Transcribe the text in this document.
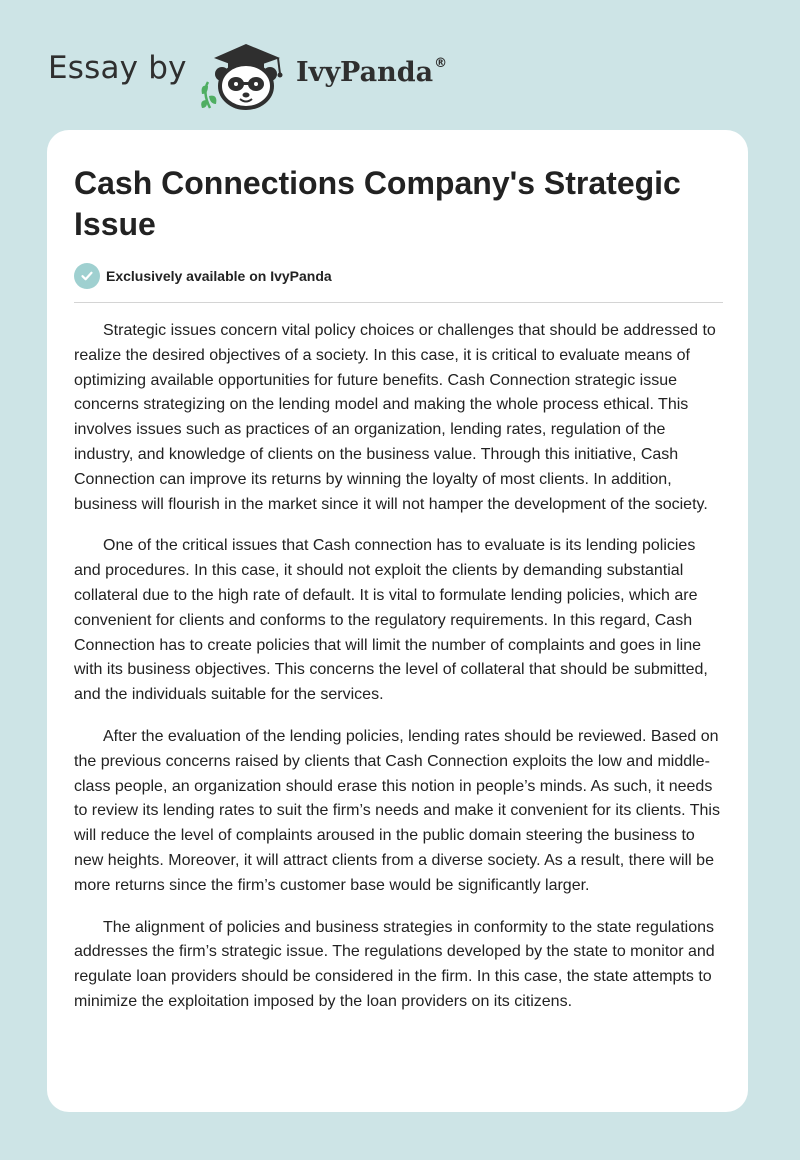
Essay by	IvyPanda®
Cash Connections Company's Strategic Issue
Exclusively available on IvyPanda

Strategic issues concern vital policy choices or challenges that should be addressed to realize the desired objectives of a society. In this case, it is critical to evaluate means of optimizing available opportunities for future benefits. Cash Connection strategic issue concerns strategizing on the lending model and making the whole process ethical. This involves issues such as practices of an organization, lending rates, regulation of the industry, and knowledge of clients on the business value. Through this initiative, Cash Connection can improve its returns by winning the loyalty of most clients. In addition, business will flourish in the market since it will not hamper the development of the society.

One of the critical issues that Cash connection has to evaluate is its lending policies and procedures. In this case, it should not exploit the clients by demanding substantial collateral due to the high rate of default. It is vital to formulate lending policies, which are convenient for clients and conforms to the regulatory requirements. In this regard, Cash Connection has to create policies that will limit the number of complaints and goes in line with its business objectives. This concerns the level of collateral that should be submitted, and the individuals suitable for the services.

After the evaluation of the lending policies, lending rates should be reviewed. Based on the previous concerns raised by clients that Cash Connection exploits the low and middle-class people, an organization should erase this notion in people’s minds. As such, it needs to review its lending rates to suit the firm’s needs and make it convenient for its clients. This will reduce the level of complaints aroused in the public domain steering the business to new heights. Moreover, it will attract clients from a diverse society. As a result, there will be more returns since the firm’s customer base would be significantly larger.

The alignment of policies and business strategies in conformity to the state regulations addresses the firm’s strategic issue. The regulations developed by the state to monitor and regulate loan providers should be considered in the firm. In this case, the state attempts to minimize the exploitation imposed by the loan providers on its citizens.
